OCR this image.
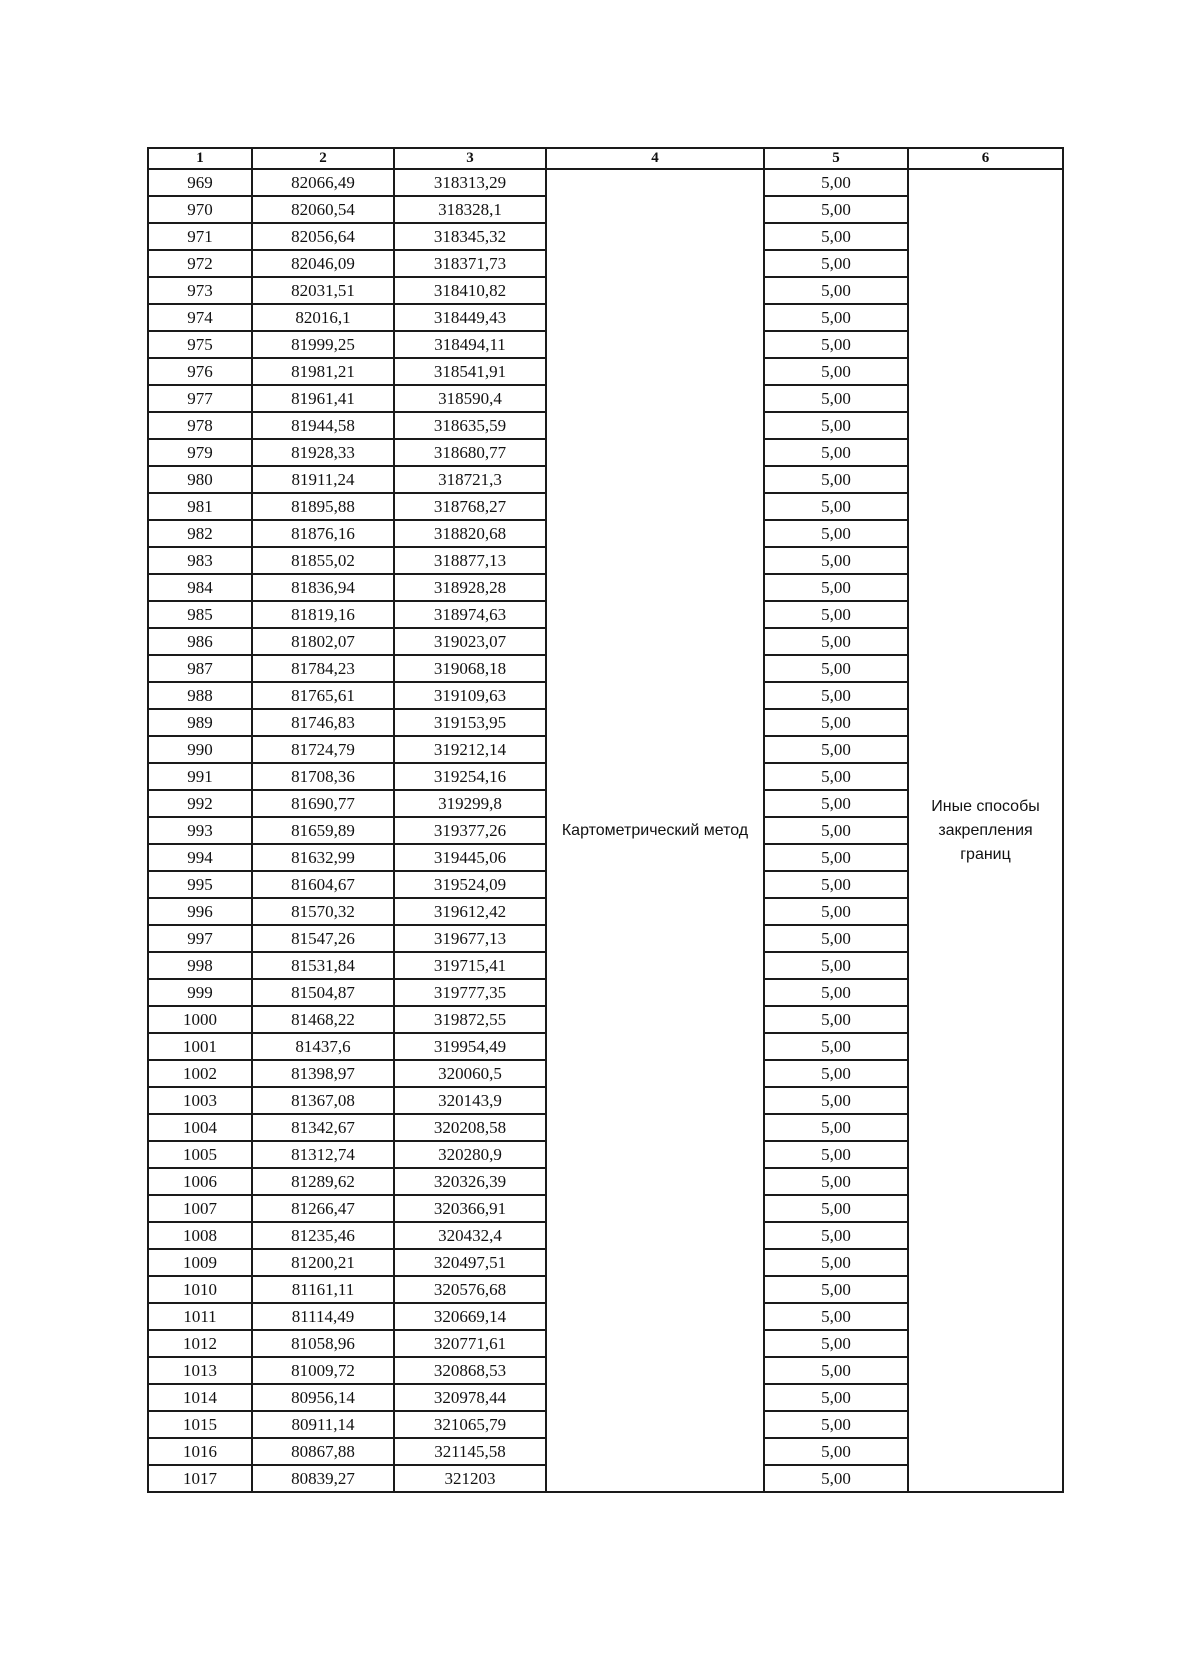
1	2	3	4	5	6
969	82066,49	318313,29	Картометрический метод	5,00	Иные способы закрепления границ
970	82060,54	318328,1		5,00	
971	82056,64	318345,32		5,00	
972	82046,09	318371,73		5,00	
973	82031,51	318410,82		5,00	
974	82016,1	318449,43		5,00	
975	81999,25	318494,11		5,00	
976	81981,21	318541,91		5,00	
977	81961,41	318590,4		5,00	
978	81944,58	318635,59		5,00	
979	81928,33	318680,77		5,00	
980	81911,24	318721,3		5,00	
981	81895,88	318768,27		5,00	
982	81876,16	318820,68		5,00	
983	81855,02	318877,13		5,00	
984	81836,94	318928,28		5,00	
985	81819,16	318974,63		5,00	
986	81802,07	319023,07		5,00	
987	81784,23	319068,18		5,00	
988	81765,61	319109,63		5,00	
989	81746,83	319153,95		5,00	
990	81724,79	319212,14		5,00	
991	81708,36	319254,16		5,00	
992	81690,77	319299,8		5,00	
993	81659,89	319377,26		5,00	
994	81632,99	319445,06		5,00	
995	81604,67	319524,09		5,00	
996	81570,32	319612,42		5,00	
997	81547,26	319677,13		5,00	
998	81531,84	319715,41		5,00	
999	81504,87	319777,35		5,00	
1000	81468,22	319872,55		5,00	
1001	81437,6	319954,49		5,00	
1002	81398,97	320060,5		5,00	
1003	81367,08	320143,9		5,00	
1004	81342,67	320208,58		5,00	
1005	81312,74	320280,9		5,00	
1006	81289,62	320326,39		5,00	
1007	81266,47	320366,91		5,00	
1008	81235,46	320432,4		5,00	
1009	81200,21	320497,51		5,00	
1010	81161,11	320576,68		5,00	
1011	81114,49	320669,14		5,00	
1012	81058,96	320771,61		5,00	
1013	81009,72	320868,53		5,00	
1014	80956,14	320978,44		5,00	
1015	80911,14	321065,79		5,00	
1016	80867,88	321145,58		5,00	
1017	80839,27	321203		5,00	
